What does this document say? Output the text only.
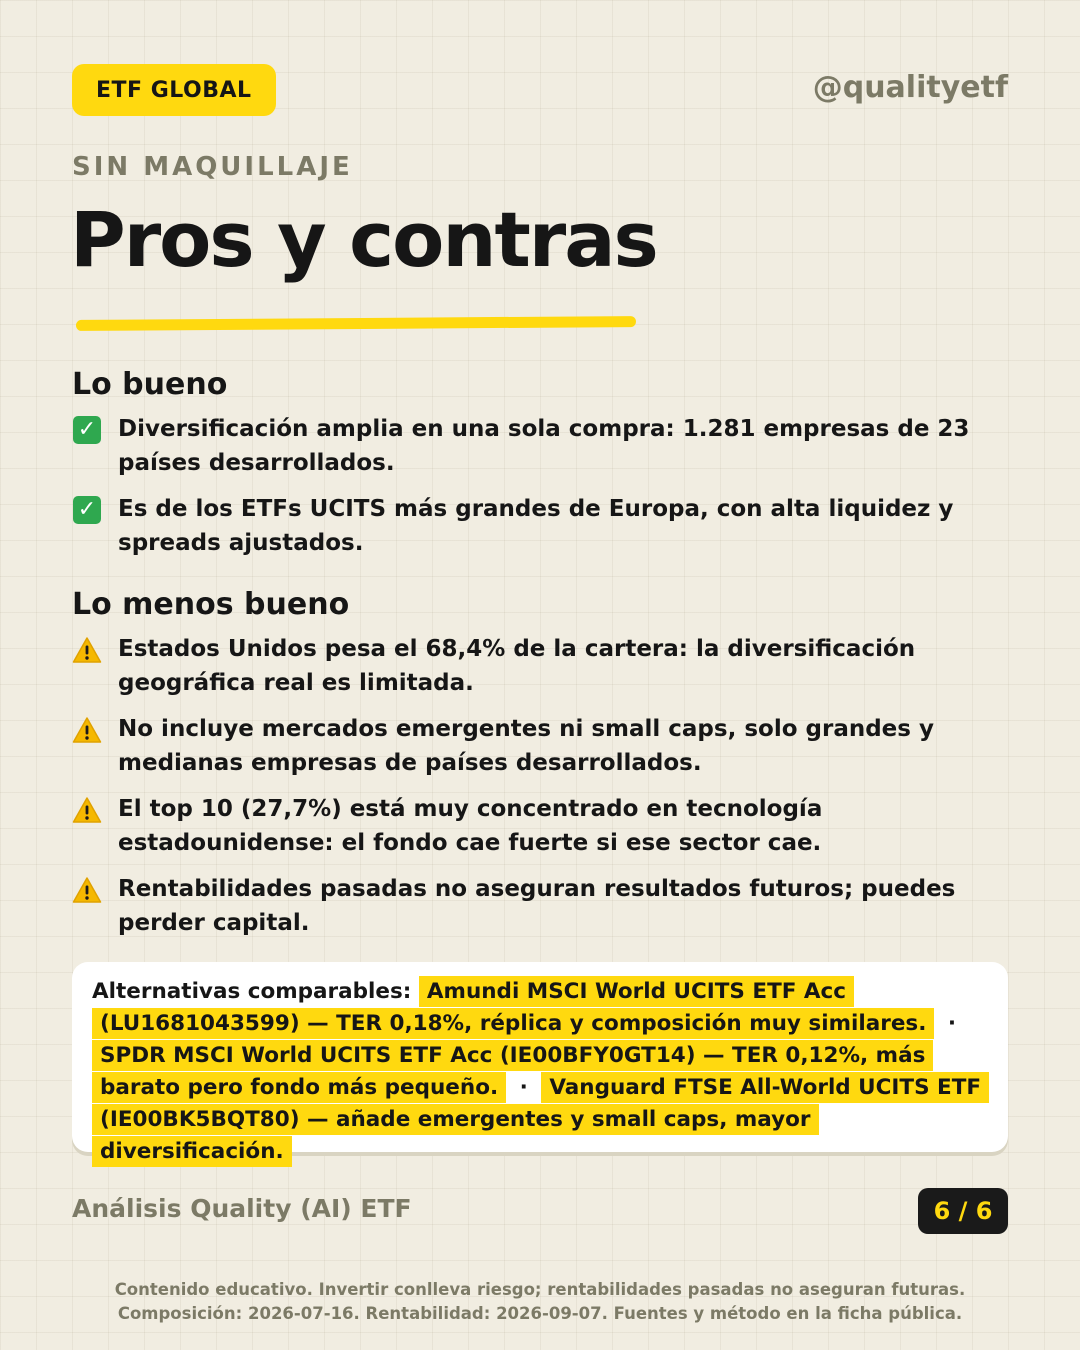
ETF GLOBAL	@qualityetf
SIN MAQUILLAJE
Pros y contras
Lo bueno
✓ Diversificación amplia en una sola compra: 1.281 empresas de 23 países desarrollados.
✓ Es de los ETFs UCITS más grandes de Europa, con alta liquidez y spreads ajustados.
Lo menos bueno
Estados Unidos pesa el 68,4% de la cartera: la diversificación geográfica real es limitada.
No incluye mercados emergentes ni small caps, solo grandes y medianas empresas de países desarrollados.
El top 10 (27,7%) está muy concentrado en tecnología estadounidense: el fondo cae fuerte si ese sector cae.
Rentabilidades pasadas no aseguran resultados futuros; puedes perder capital.
Alternativas comparables: Amundi MSCI World UCITS ETF Acc (LU1681043599) — TER 0,18%, réplica y composición muy similares. · SPDR MSCI World UCITS ETF Acc (IE00BFY0GT14) — TER 0,12%, más barato pero fondo más pequeño. · Vanguard FTSE All-World UCITS ETF (IE00BK5BQT80) — añade emergentes y small caps, mayor diversificación.
Análisis Quality (AI) ETF	6 / 6
Contenido educativo. Invertir conlleva riesgo; rentabilidades pasadas no aseguran futuras.
Composición: 2026-07-16. Rentabilidad: 2026-09-07. Fuentes y método en la ficha pública.
